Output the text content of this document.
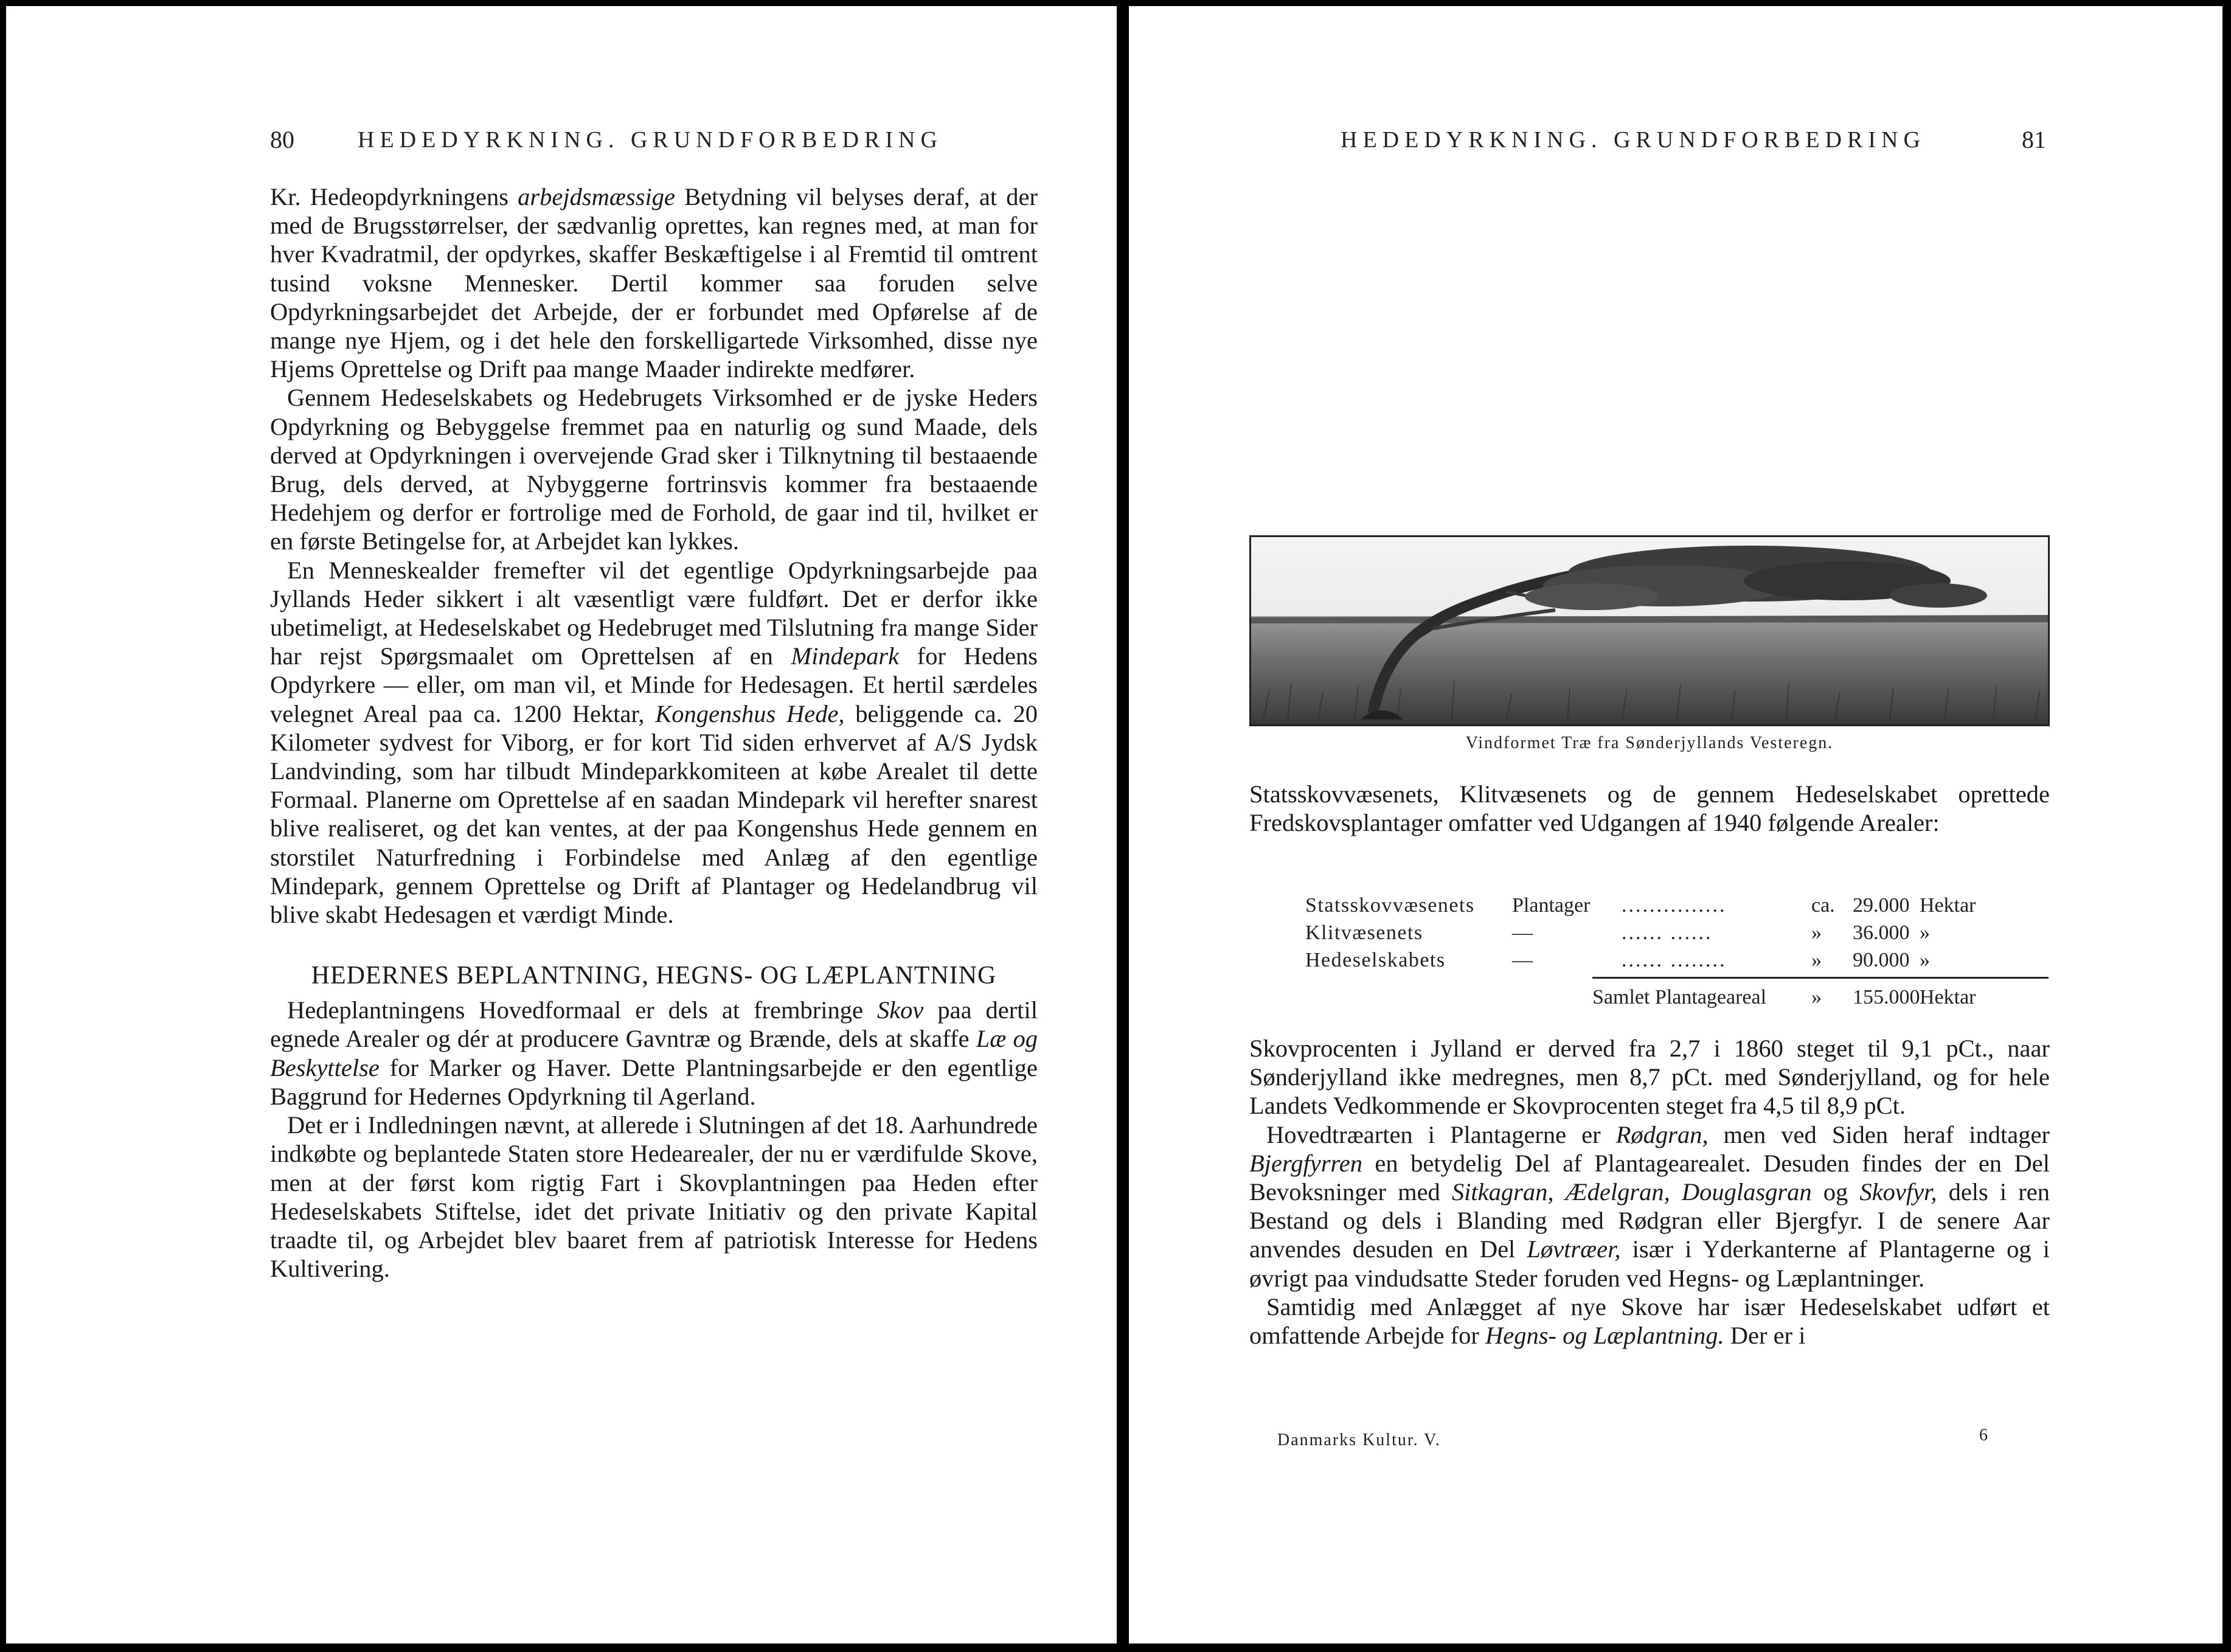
80	HEDEDYRKNING. GRUNDFORBEDRING

Kr. Hedeopdyrkningens arbejdsmæssige Betydning vil belyses deraf, at der med de Brugsstørrelser, der sædvanlig oprettes, kan regnes med, at man for hver Kvadratmil, der opdyrkes, skaffer Beskæftigelse i al Fremtid til omtrent tusind voksne Mennesker. Dertil kommer saa foruden selve Opdyrkningsarbejdet det Arbejde, der er forbundet med Opførelse af de mange nye Hjem, og i det hele den forskelligartede Virksomhed, disse nye Hjems Oprettelse og Drift paa mange Maader indirekte medfører.

Gennem Hedeselskabets og Hedebrugets Virksomhed er de jyske Heders Opdyrkning og Bebyggelse fremmet paa en naturlig og sund Maade, dels derved at Opdyrkningen i overvejende Grad sker i Tilknytning til bestaaende Brug, dels derved, at Nybyggerne fortrinsvis kommer fra bestaaende Hedehjem og derfor er fortrolige med de Forhold, de gaar ind til, hvilket er en første Betingelse for, at Arbejdet kan lykkes.

En Menneskealder fremefter vil det egentlige Opdyrkningsarbejde paa Jyllands Heder sikkert i alt væsentligt være fuldført. Det er derfor ikke ubetimeligt, at Hedeselskabet og Hedebruget med Tilslutning fra mange Sider har rejst Spørgsmaalet om Oprettelsen af en Mindepark for Hedens Opdyrkere — eller, om man vil, et Minde for Hedesagen. Et hertil særdeles velegnet Areal paa ca. 1200 Hektar, Kongenshus Hede, beliggende ca. 20 Kilometer sydvest for Viborg, er for kort Tid siden erhvervet af A/S Jydsk Landvinding, som har tilbudt Mindeparkkomiteen at købe Arealet til dette Formaal. Planerne om Oprettelse af en saadan Mindepark vil herefter snarest blive realiseret, og det kan ventes, at der paa Kongenshus Hede gennem en storstilet Naturfredning i Forbindelse med Anlæg af den egentlige Mindepark, gennem Oprettelse og Drift af Plantager og Hedelandbrug vil blive skabt Hedesagen et værdigt Minde.

HEDERNES BEPLANTNING, HEGNS- OG LÆPLANTNING

Hedeplantningens Hovedformaal er dels at frembringe Skov paa dertil egnede Arealer og dér at producere Gavntræ og Brænde, dels at skaffe Læ og Beskyttelse for Marker og Haver. Dette Plantningsarbejde er den egentlige Baggrund for Hedernes Opdyrkning til Agerland.

Det er i Indledningen nævnt, at allerede i Slutningen af det 18. Aarhundrede indkøbte og beplantede Staten store Hedearealer, der nu er værdifulde Skove, men at der først kom rigtig Fart i Skovplantningen paa Heden efter Hedeselskabets Stiftelse, idet det private Initiativ og den private Kapital traadte til, og Arbejdet blev baaret frem af patriotisk Interesse for Hedens Kultivering.

HEDEDYRKNING. GRUNDFORBEDRING	81
Vindformet Træ fra Sønderjyllands Vesteregn.

Statsskovvæsenets, Klitvæsenets og de gennem Hedeselskabet oprettede Fredskovsplantager omfatter ved Udgangen af 1940 følgende Arealer:

Statsskovvæsenets Plantager ...............	ca. 29.000 Hektar
Klitvæsenets	—	...... ......	» 36.000 »
Hedeselskabets	—	...... ........	» 90.000 »
Samlet Plantageareal » 155.000 Hektar

Skovprocenten i Jylland er derved fra 2,7 i 1860 steget til 9,1 pCt., naar Sønderjylland ikke medregnes, men 8,7 pCt. med Sønderjylland, og for hele Landets Vedkommende er Skovprocenten steget fra 4,5 til 8,9 pCt.

Hovedtræarten i Plantagerne er Rødgran, men ved Siden heraf indtager Bjergfyrren en betydelig Del af Plantagearealet. Desuden findes der en Del Bevoksninger med Sitkagran, Ædelgran, Douglasgran og Skovfyr, dels i ren Bestand og dels i Blanding med Rødgran eller Bjergfyr. I de senere Aar anvendes desuden en Del Løvtræer, især i Yderkanterne af Plantagerne og i øvrigt paa vindudsatte Steder foruden ved Hegns- og Læplantninger.

Samtidig med Anlægget af nye Skove har især Hedeselskabet udført et omfattende Arbejde for Hegns- og Læplantning. Der er i

Danmarks Kultur. V.	6
